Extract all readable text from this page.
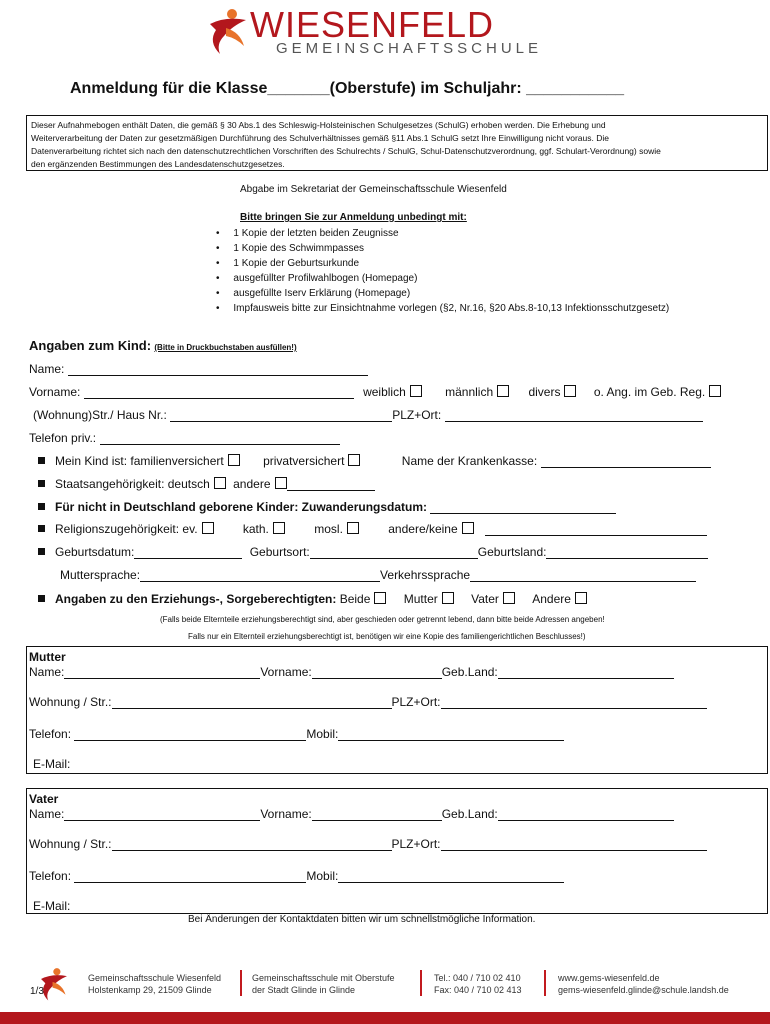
WIESENFELD
GEMEINSCHAFTSSCHULE
Anmeldung für die Klasse_______(Oberstufe) im Schuljahr: ___________
Dieser Aufnahmebogen enthält Daten, die gemäß § 30 Abs.1 des Schleswig-Holsteinischen Schulgesetzes (SchulG) erhoben werden. Die Erhebung und
Weiterverarbeitung der Daten zur gesetzmäßigen Durchführung des Schulverhältnisses gemäß §11 Abs.1 SchulG setzt Ihre Einwilligung nicht voraus. Die
Datenverarbeitung richtet sich nach den datenschutzrechtlichen Vorschriften des Schulrechts / SchulG, Schul-Datenschutzverordnung, ggf. Schulart-Verordnung) sowie
den ergänzenden Bestimmungen des Landesdatenschutzgesetzes.
Abgabe im Sekretariat der Gemeinschaftsschule Wiesenfeld
Bitte bringen Sie zur Anmeldung unbedingt mit:
•     1 Kopie der letzten beiden Zeugnisse
•     1 Kopie des Schwimmpasses
•     1 Kopie der Geburtsurkunde
•     ausgefüllter Profilwahlbogen (Homepage)
•     ausgefüllte Iserv Erklärung (Homepage)
•     Impfausweis bitte zur Einsichtnahme vorlegen (§2, Nr.16, §20 Abs.8-10,13 Infektionsschutzgesetz)
Angaben zum Kind: (Bitte in Druckbuchstaben ausfüllen!)
Name:
Vorname:	weiblich	männlich	divers	o. Ang. im Geb. Reg.
(Wohnung)Str./ Haus Nr.:	PLZ+Ort:
Telefon priv.:
Mein Kind ist: familienversichert	privatversichert	Name der Krankenkasse:
Staatsangehörigkeit: deutsch andere
Für nicht in Deutschland geborene Kinder: Zuwanderungsdatum:
Religionszugehörigkeit: ev.	kath.	mosl.	andere/keine
Geburtsdatum:	Geburtsort:	Geburtsland:
Muttersprache:	Verkehrssprache
Angaben zu den Erziehungs-, Sorgeberechtigten: Beide	Mutter	Vater	Andere
(Falls beide Elternteile erziehungsberechtigt sind, aber geschieden oder getrennt lebend, dann bitte beide Adressen angeben!
Falls nur ein Elternteil erziehungsberechtigt ist, benötigen wir eine Kopie des familiengerichtlichen Beschlusses!)
Mutter
Name:	Vorname:	Geb.Land:
Wohnung / Str.:	PLZ+Ort:
Telefon:	Mobil:
E-Mail:
Vater
Name:	Vorname:	Geb.Land:
Wohnung / Str.:	PLZ+Ort:
Telefon:	Mobil:
E-Mail:
Bei Änderungen der Kontaktdaten bitten wir um schnellstmögliche Information.
1/3
Gemeinschaftsschule Wiesenfeld
Holstenkamp 29, 21509 Glinde
Gemeinschaftsschule mit Oberstufe
der Stadt Glinde in Glinde
Tel.: 040 / 710 02 410
Fax: 040 / 710 02 413
www.gems-wiesenfeld.de
gems-wiesenfeld.glinde@schule.landsh.de
